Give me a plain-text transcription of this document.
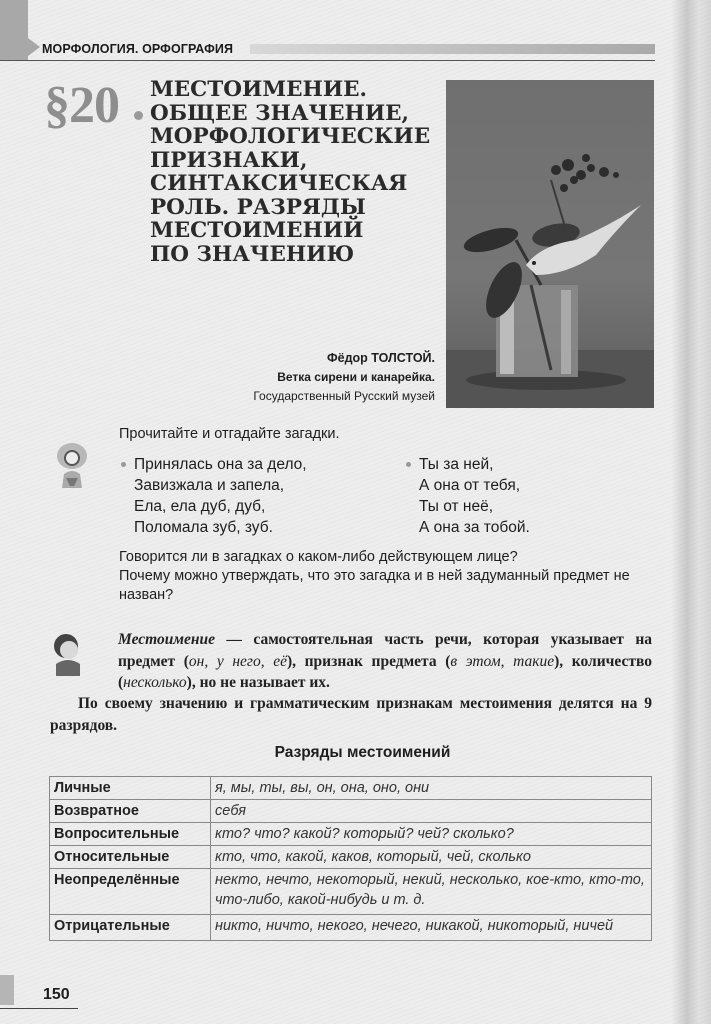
МОРФОЛОГИЯ. ОРФОГРАФИЯ
§20 МЕСТОИМЕНИЕ.
ОБЩЕЕ ЗНАЧЕНИЕ,
МОРФОЛОГИЧЕСКИЕ
ПРИЗНАКИ,
СИНТАКСИЧЕСКАЯ
РОЛЬ. РАЗРЯДЫ
МЕСТОИМЕНИЙ
ПО ЗНАЧЕНИЮ
Фёдор ТОЛСТОЙ.
Ветка сирени и канарейка.
Государственный Русский музей
Прочитайте и отгадайте загадки.
Принялась она за дело,
Завизжала и запела,
Ела, ела дуб, дуб,
Поломала зуб, зуб.
Ты за ней,
А она от тебя,
Ты от неё,
А она за тобой.
Говорится ли в загадках о каком-либо действующем лице?
Почему можно утверждать, что это загадка и в ней задуманный предмет не назван?
Местоимение — самостоятельная часть речи, которая указывает на предмет (он, у него, её), признак предмета (в этом, такие), количество (несколько), но не называет их.
По своему значению и грамматическим признакам местоимения делятся на 9 разрядов.
Разряды местоимений
Личные	я, мы, ты, вы, он, она, оно, они
Возвратное	себя
Вопросительные	кто? что? какой? который? чей? сколько?
Относительные	кто, что, какой, каков, который, чей, сколько
Неопределённые	некто, нечто, некоторый, некий, несколько, кое-кто, кто-то, что-либо, какой-нибудь и т. д.
Отрицательные	никто, ничто, некого, нечего, никакой, никоторый, ничей
150
